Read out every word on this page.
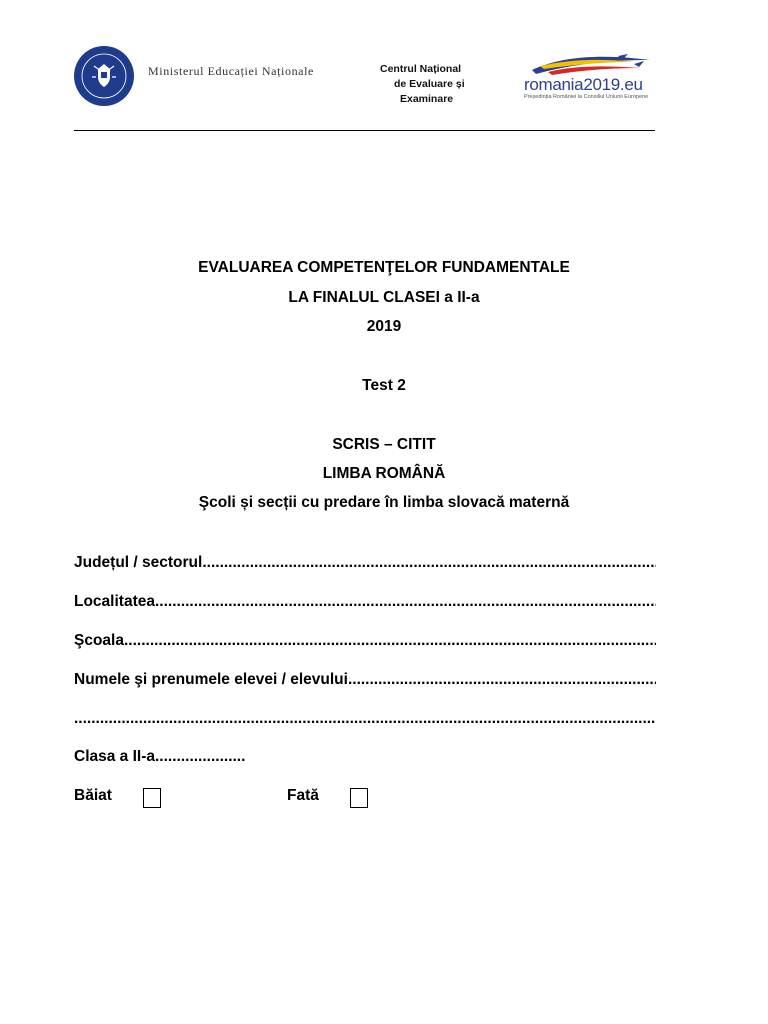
Ministerul Educației Naționale	Centrul Național
de Evaluare și
Examinare
romania2019.eu
Președinția României la Consiliul Uniunii Europene
EVALUAREA COMPETENŢELOR FUNDAMENTALE
LA FINALUL CLASEI a II-a
2019
Test 2
SCRIS – CITIT
LIMBA ROMÂNĂ
Şcoli și secții cu predare în limba slovacă maternă
Județul / sectorul
.....
Localitatea
.....
Şcoala
.....
Numele şi prenumele elevei / elevului
.....
.....
Clasa a II-a.....................
Băiat	Fată
